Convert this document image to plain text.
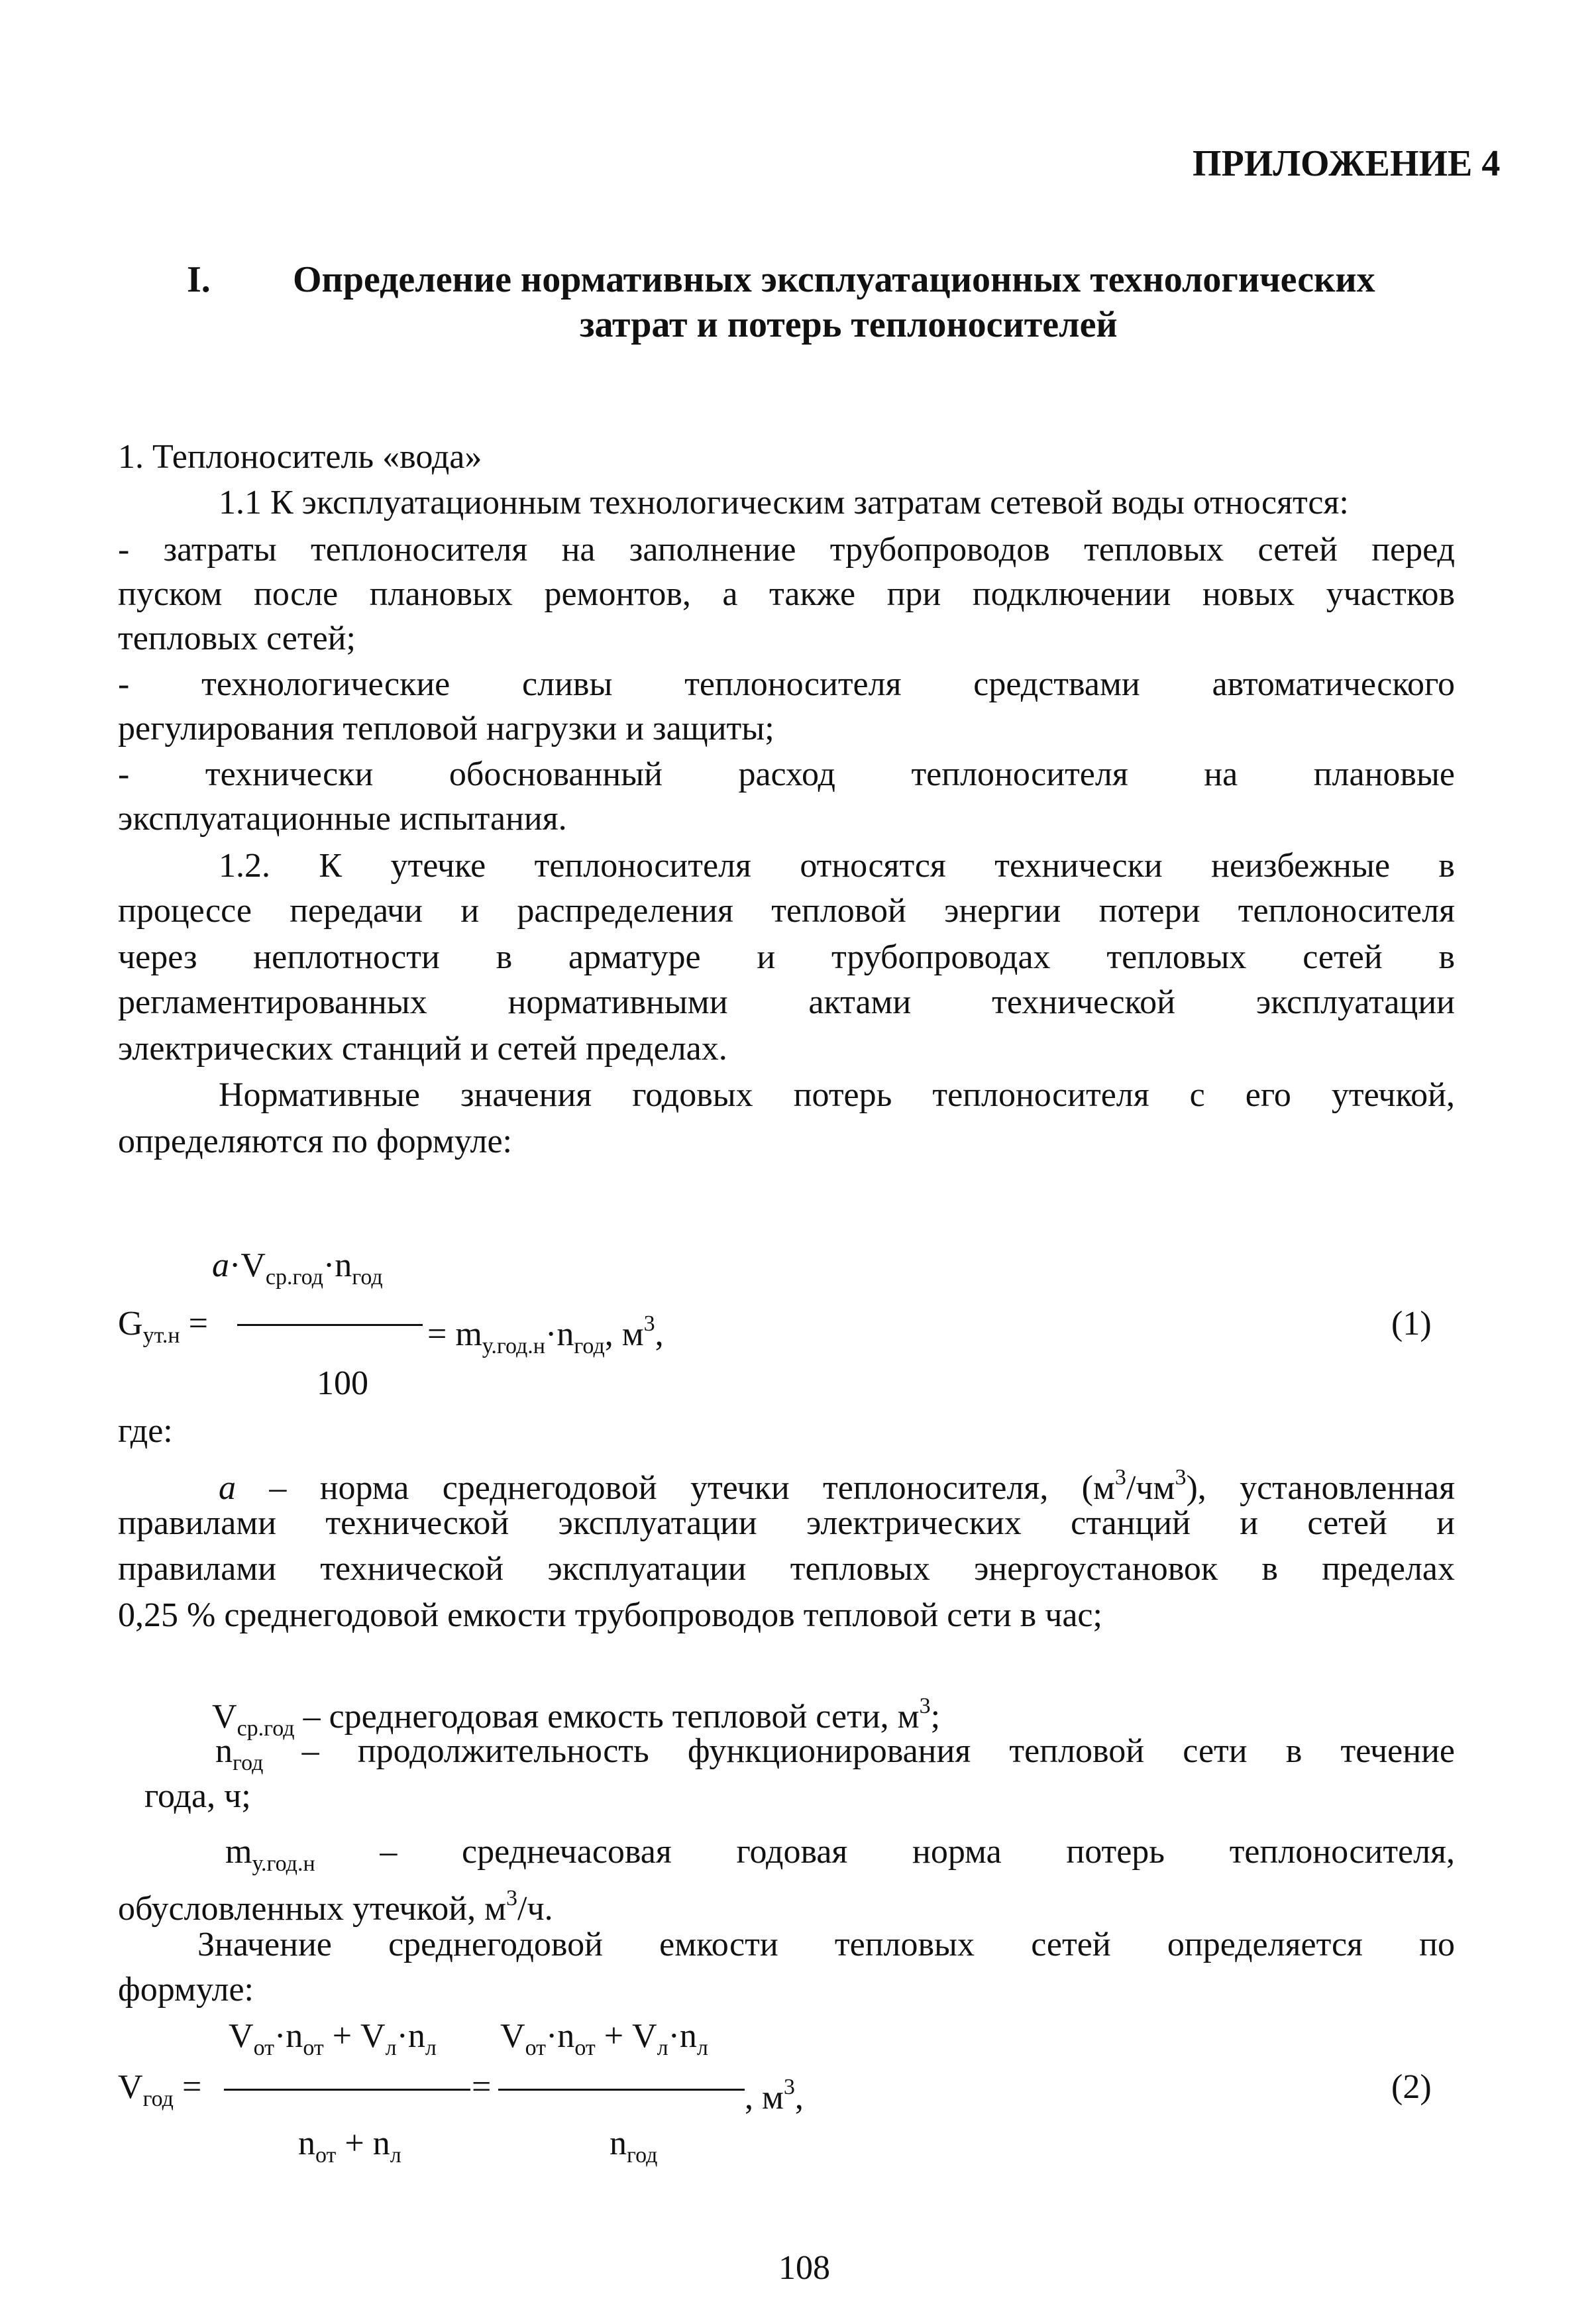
ПРИЛОЖЕНИЕ 4
I. Определение нормативных эксплуатационных технологических
затрат и потерь теплоносителей
1. Теплоноситель «вода»
1.1 К эксплуатационным технологическим затратам сетевой воды относятся:
- затраты теплоносителя на заполнение трубопроводов тепловых сетей перед
пуском после плановых ремонтов, а также при подключении новых участков
тепловых сетей;
- технологические сливы теплоносителя средствами автоматического
регулирования тепловой нагрузки и защиты;
- технически обоснованный расход теплоносителя на плановые
эксплуатационные испытания.
1.2. К утечке теплоносителя относятся технически неизбежные в
процессе передачи и распределения тепловой энергии потери теплоносителя
через неплотности в арматуре и трубопроводах тепловых сетей в
регламентированных нормативными актами технической эксплуатации
электрических станций и сетей пределах.
Нормативные значения годовых потерь теплоносителя с его утечкой,
определяются по формуле:
$a\cdot V_{ср.год}\cdot n_{год}$
$G_{ут.н}$ =	= $m_{у.год.н}\cdot n_{год}$, $м^3$,
100
(1)
где:
a – норма среднегодовой утечки теплоносителя, $(м^3/чм^3)$, установленная
правилами технической эксплуатации электрических станций и сетей и
правилами технической эксплуатации тепловых энергоустановок в пределах
0,25 % среднегодовой емкости трубопроводов тепловой сети в час;
$V_{ср.год}$ – среднегодовая емкость тепловой сети, $м^3$;
$n_{год}$ – продолжительность функционирования тепловой сети в течение
года, ч;
$m_{у.год.н}$ – среднечасовая годовая норма потерь теплоносителя,
обусловленных утечкой, $м^3/ч$.
Значение среднегодовой емкости тепловых сетей определяется по
формуле:
$V_{от}\cdot n_{от} + V_л\cdot n_л$ $V_{от}\cdot n_{от} + V_л\cdot n_л$
$V_{год}$ =	=	, $м^3$,	(2)
$n_{от} + n_л$	$n_{год}$
108
